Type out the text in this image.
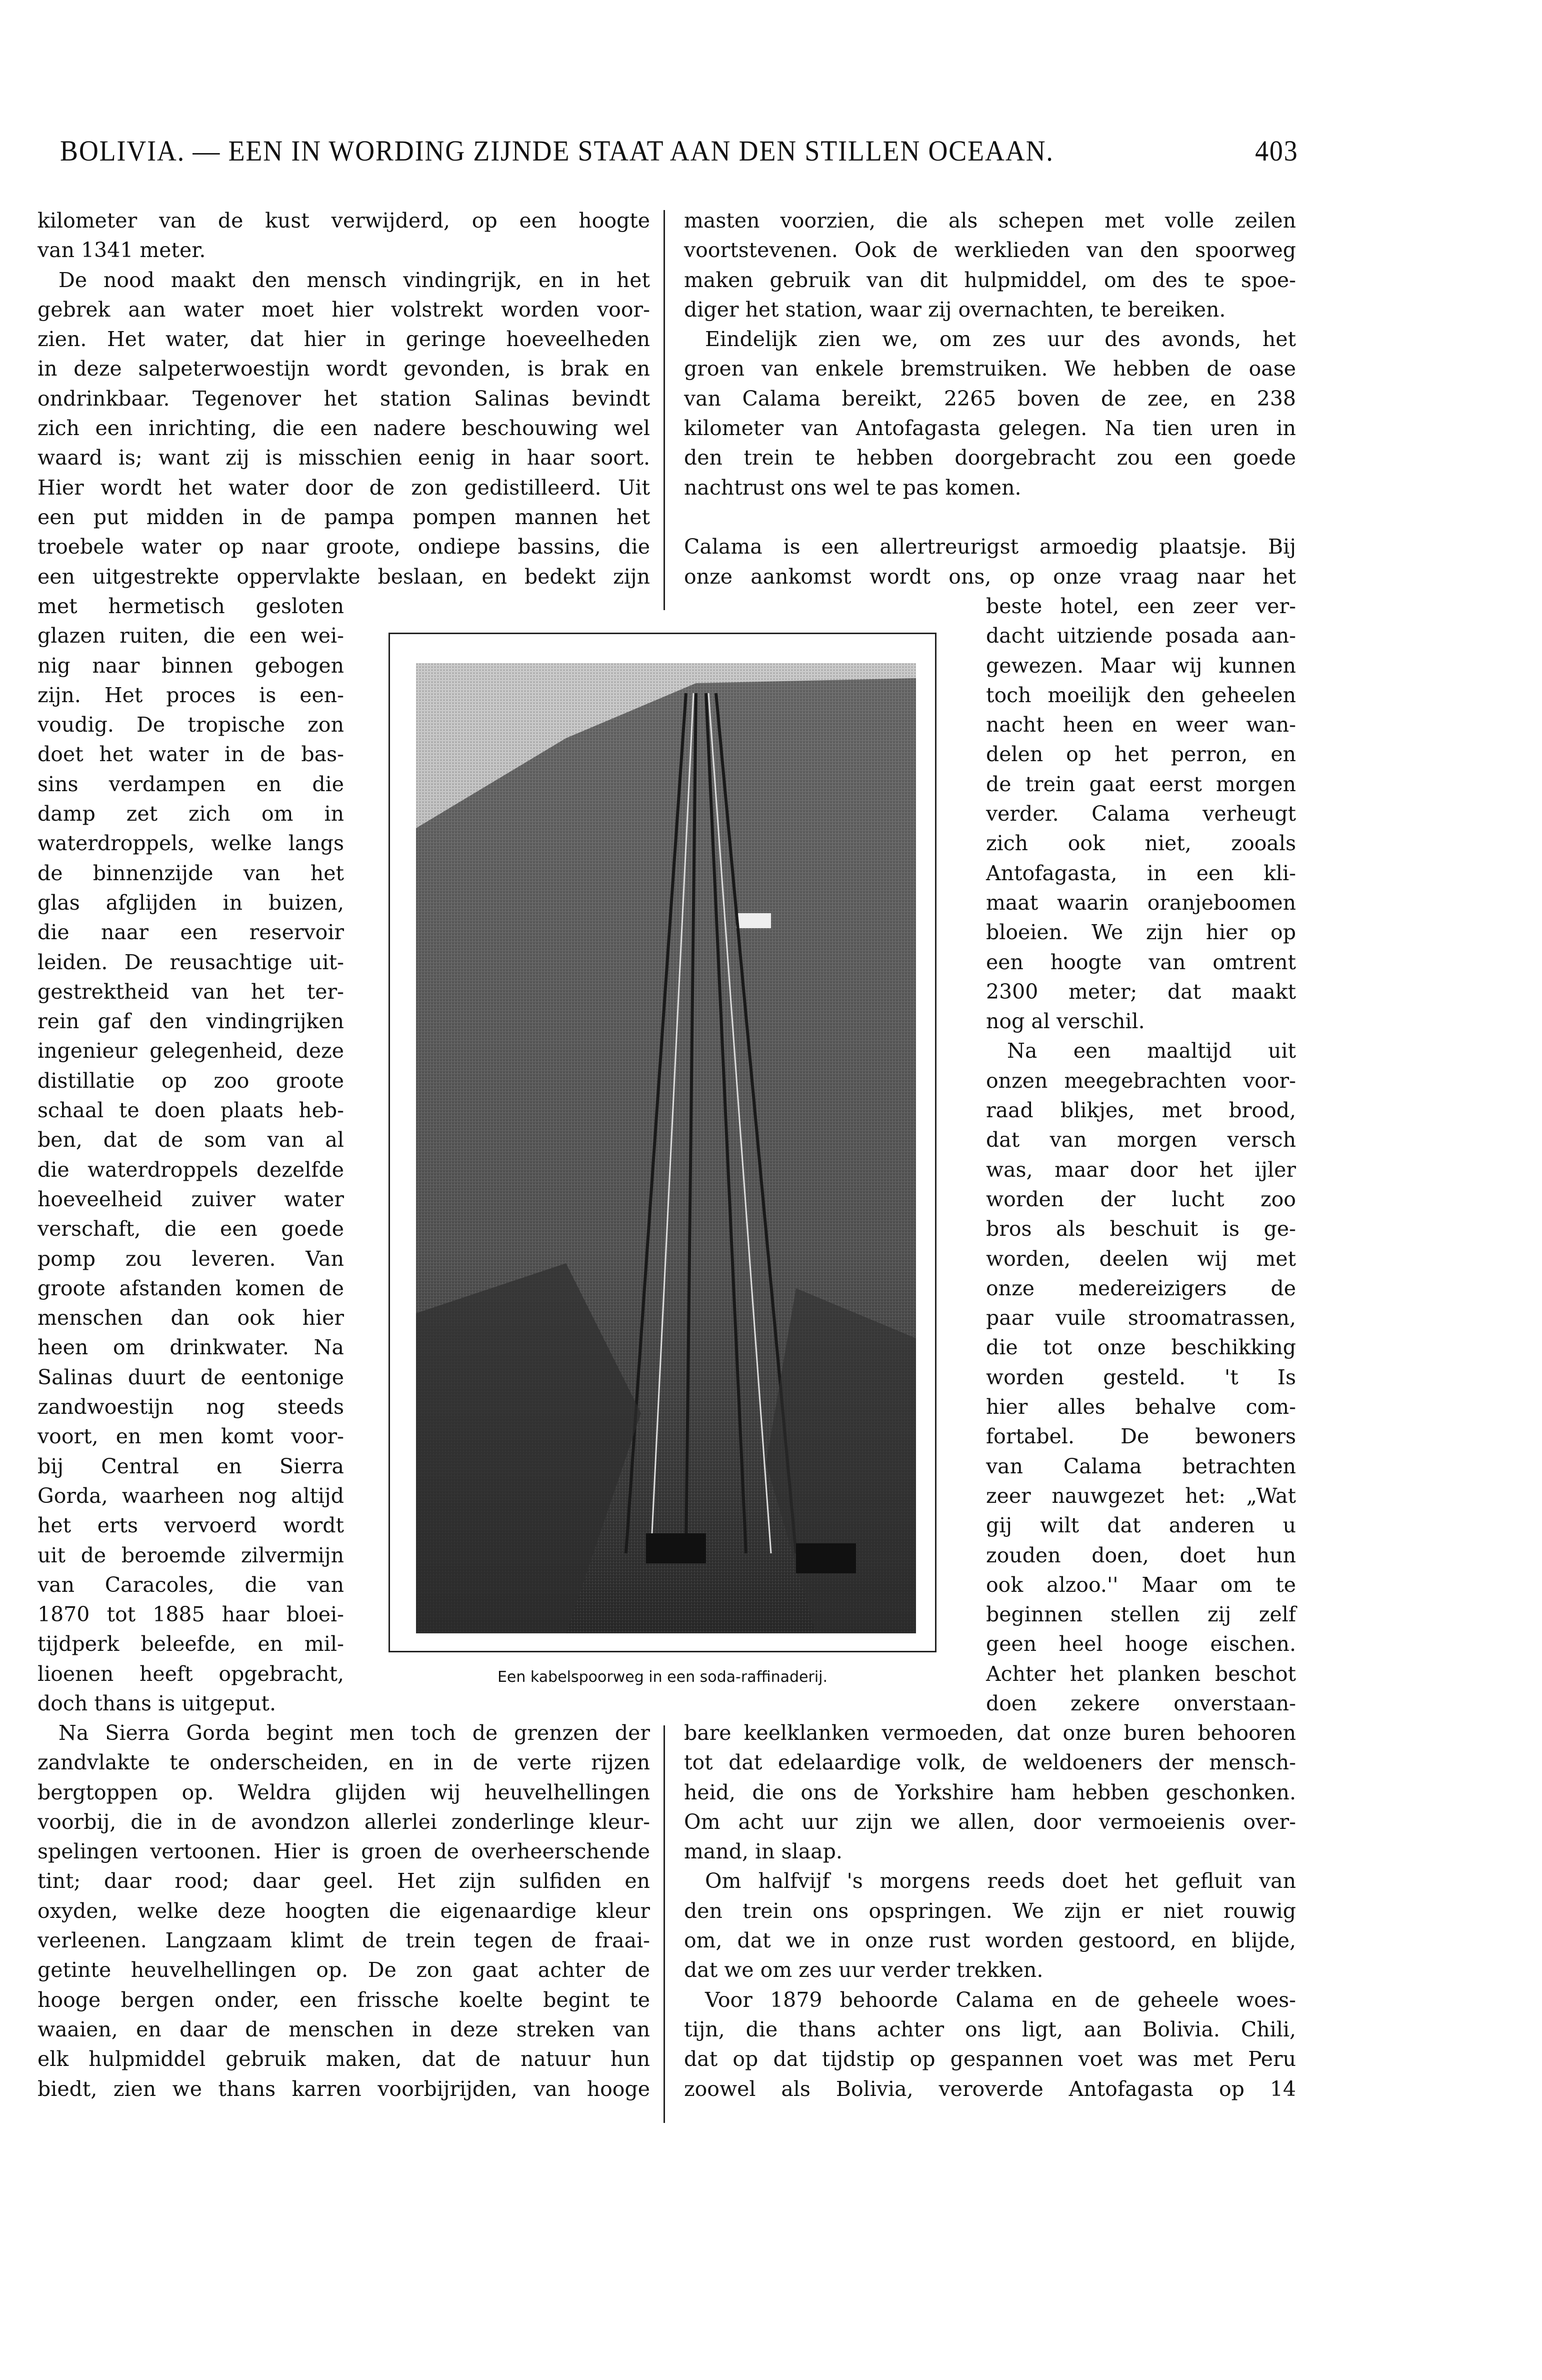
BOLIVIA. — EEN IN WORDING ZIJNDE STAAT AAN DEN STILLEN OCEAAN.	403
kilometer van de kust verwijderd, op een hoogte
van 1341 meter.
De nood maakt den mensch vindingrijk, en in het
gebrek aan water moet hier volstrekt worden voor-
zien. Het water, dat hier in geringe hoeveelheden
in deze salpeterwoestijn wordt gevonden, is brak en
ondrinkbaar. Tegenover het station Salinas bevindt
zich een inrichting, die een nadere beschouwing wel
waard is; want zij is misschien eenig in haar soort.
Hier wordt het water door de zon gedistilleerd. Uit
een put midden in de pampa pompen mannen het
troebele water op naar groote, ondiepe bassins, die
een uitgestrekte oppervlakte beslaan, en bedekt zijn
met hermetisch gesloten
glazen ruiten, die een wei-
nig naar binnen gebogen
zijn. Het proces is een-
voudig. De tropische zon
doet het water in de bas-
sins verdampen en die
damp zet zich om in
waterdroppels, welke langs
de binnenzijde van het
glas afglijden in buizen,
die naar een reservoir
leiden. De reusachtige uit-
gestrektheid van het ter-
rein gaf den vindingrijken
ingenieur gelegenheid, deze
distillatie op zoo groote
schaal te doen plaats heb-
ben, dat de som van al
die waterdroppels dezelfde
hoeveelheid zuiver water
verschaft, die een goede
pomp zou leveren. Van
groote afstanden komen de
menschen dan ook hier
heen om drinkwater. Na
Salinas duurt de eentonige
zandwoestijn nog steeds
voort, en men komt voor-
bij Central en Sierra
Gorda, waarheen nog altijd
het erts vervoerd wordt
uit de beroemde zilvermijn
van Caracoles, die van
1870 tot 1885 haar bloei-
tijdperk beleefde, en mil-
lioenen heeft opgebracht,
doch thans is uitgeput.
Na Sierra Gorda begint men toch de grenzen der
zandvlakte te onderscheiden, en in de verte rijzen
bergtoppen op. Weldra glijden wij heuvelhellingen
voorbij, die in de avondzon allerlei zonderlinge kleur-
spelingen vertoonen. Hier is groen de overheerschende
tint; daar rood; daar geel. Het zijn sulfiden en
oxyden, welke deze hoogten die eigenaardige kleur
verleenen. Langzaam klimt de trein tegen de fraai-
getinte heuvelhellingen op. De zon gaat achter de
hooge bergen onder, een frissche koelte begint te
waaien, en daar de menschen in deze streken van
elk hulpmiddel gebruik maken, dat de natuur hun
biedt, zien we thans karren voorbijrijden, van hooge
masten voorzien, die als schepen met volle zeilen
voortstevenen. Ook de werklieden van den spoorweg
maken gebruik van dit hulpmiddel, om des te spoe-
diger het station, waar zij overnachten, te bereiken.
Eindelijk zien we, om zes uur des avonds, het
groen van enkele bremstruiken. We hebben de oase
van Calama bereikt, 2265 boven de zee, en 238
kilometer van Antofagasta gelegen. Na tien uren in
den trein te hebben doorgebracht zou een goede
nachtrust ons wel te pas komen.
Calama is een allertreurigst armoedig plaatsje. Bij
onze aankomst wordt ons, op onze vraag naar het
beste hotel, een zeer ver-
dacht uitziende posada aan-
gewezen. Maar wij kunnen
toch moeilijk den geheelen
nacht heen en weer wan-
delen op het perron, en
de trein gaat eerst morgen
verder. Calama verheugt
zich ook niet, zooals
Antofagasta, in een kli-
maat waarin oranjeboomen
bloeien. We zijn hier op
een hoogte van omtrent
2300 meter; dat maakt
nog al verschil.
Na een maaltijd uit
onzen meegebrachten voor-
raad blikjes, met brood,
dat van morgen versch
was, maar door het ijler
worden der lucht zoo
bros als beschuit is ge-
worden, deelen wij met
onze medereizigers de
paar vuile stroomatrassen,
die tot onze beschikking
worden gesteld. 't Is
hier alles behalve com-
fortabel. De bewoners
van Calama betrachten
zeer nauwgezet het: „Wat
gij wilt dat anderen u
zouden doen, doet hun
ook alzoo.'' Maar om te
beginnen stellen zij zelf
geen heel hooge eischen.
Achter het planken beschot
doen zekere onverstaan-
bare keelklanken vermoeden, dat onze buren behooren
tot dat edelaardige volk, de weldoeners der mensch-
heid, die ons de Yorkshire ham hebben geschonken.
Om acht uur zijn we allen, door vermoeienis over-
mand, in slaap.
Om halfvijf 's morgens reeds doet het gefluit van
den trein ons opspringen. We zijn er niet rouwig
om, dat we in onze rust worden gestoord, en blijde,
dat we om zes uur verder trekken.
Voor 1879 behoorde Calama en de geheele woes-
tijn, die thans achter ons ligt, aan Bolivia. Chili,
dat op dat tijdstip op gespannen voet was met Peru
zoowel als Bolivia, veroverde Antofagasta op 14
Een kabelspoorweg in een soda-raffinaderij.
